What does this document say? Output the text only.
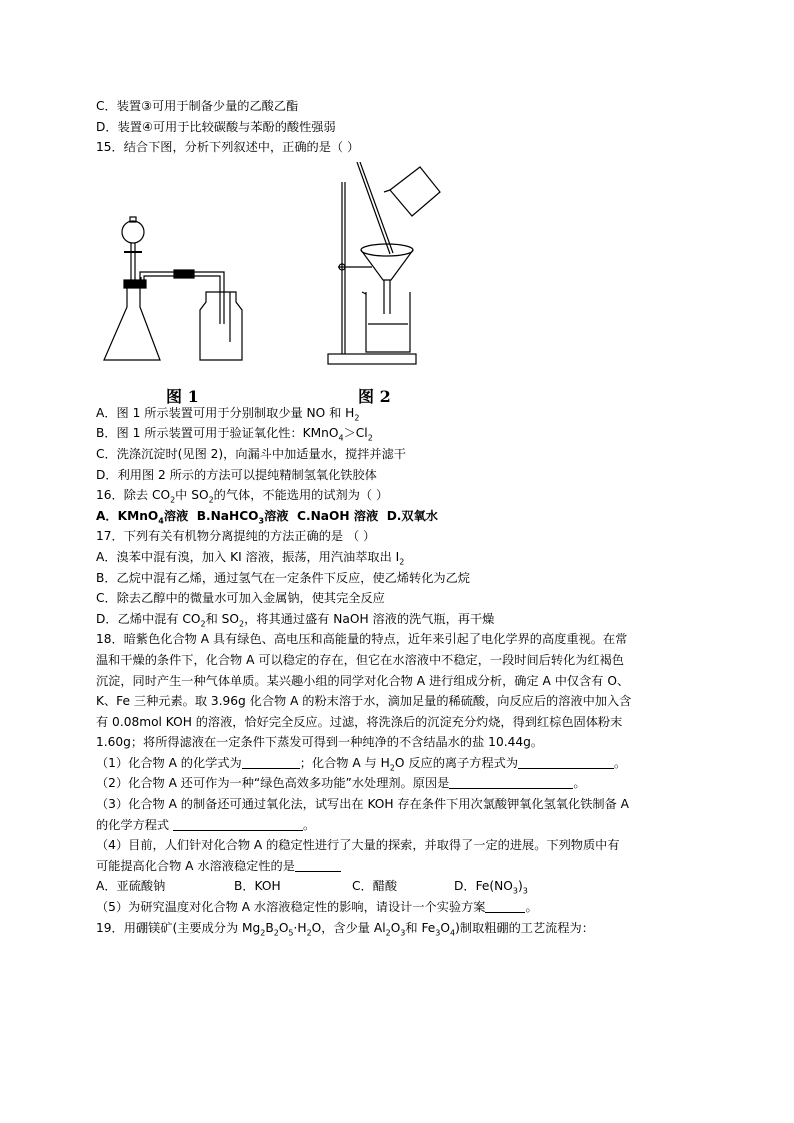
C．装置③可用于制备少量的乙酸乙酯
D．装置④可用于比较碳酸与苯酚的酸性强弱
15．结合下图，分析下列叙述中，正确的是（ ）
图 1	图 2
A．图 1 所示装置可用于分别制取少量 NO 和 $H_2$
B．图 1 所示装置可用于验证氧化性：$KMnO_4>Cl_2$
C．洗涤沉淀时(见图 2)，向漏斗中加适量水，搅拌并滤干
D．利用图 2 所示的方法可以提纯精制氢氧化铁胶体
16．除去 $CO_2$中 $SO_2$的气体，不能选用的试剂为（ ）
A．KMnO$_4$溶液 B.NaHCO$_3$溶液 C.NaOH 溶液 D.双氧水
17．下列有关有机物分离提纯的方法正确的是 （ ）
A．溴苯中混有溴，加入 KI 溶液，振荡，用汽油萃取出 $I_2$
B．乙烷中混有乙烯，通过氢气在一定条件下反应，使乙烯转化为乙烷
C．除去乙醇中的微量水可加入金属钠，使其完全反应
D．乙烯中混有 $CO_2$和 $SO_2$，将其通过盛有 NaOH 溶液的洗气瓶，再干燥
18．暗紫色化合物 A 具有绿色、高电压和高能量的特点，近年来引起了电化学界的高度重视。在常
温和干燥的条件下，化合物 A 可以稳定的存在，但它在水溶液中不稳定，一段时间后转化为红褐色
沉淀，同时产生一种气体单质。某兴趣小组的同学对化合物 A 进行组成分析，确定 A 中仅含有 O、
K、Fe 三种元素。取 3.96g 化合物 A 的粉末溶于水，滴加足量的稀硫酸，向反应后的溶液中加入含
有 0.08mol KOH 的溶液，恰好完全反应。过滤，将洗涤后的沉淀充分灼烧，得到红棕色固体粉末
1.60g；将所得滤液在一定条件下蒸发可得到一种纯净的不含结晶水的盐 10.44g。
（1）化合物 A 的化学式为	；化合物 A 与 $H_2O$ 反应的离子方程式为	。
（2）化合物 A 还可作为一种“绿色高效多功能”水处理剂。原因是	。
（3）化合物 A 的制备还可通过氧化法，试写出在 KOH 存在条件下用次氯酸钾氧化氢氧化铁制备 A
的化学方程式	。
（4）目前，人们针对化合物 A 的稳定性进行了大量的探索，并取得了一定的进展。下列物质中有
可能提高化合物 A 水溶液稳定性的是
A．亚硫酸钠	B．KOH	C．醋酸	D．$Fe(NO_3)_3$
（5）为研究温度对化合物 A 水溶液稳定性的影响，请设计一个实验方案	。
19．用硼镁矿(主要成分为 $Mg_2B_2O_5\cdot H_2O$，含少量 $Al_2O_3$和 $Fe_3O_4$)制取粗硼的工艺流程为：
